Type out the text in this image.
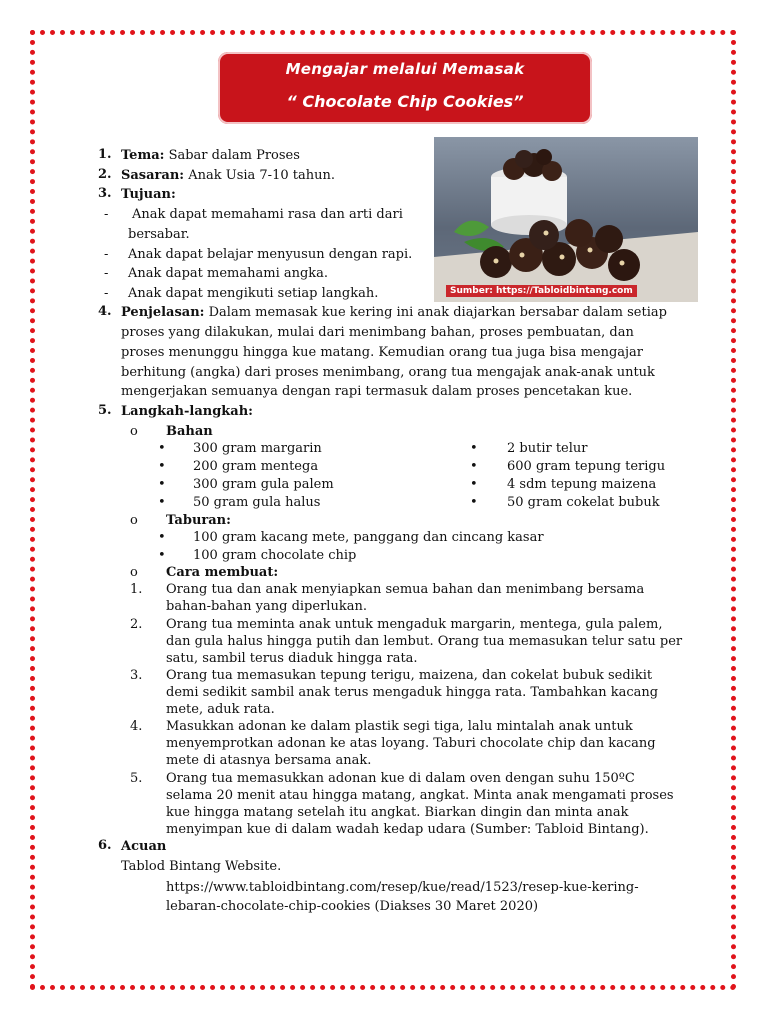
Mengajar melalui Memasak
“ Chocolate Chip Cookies”
Sumber: https://Tabloidbintang.com
1. Tema: Sabar dalam Proses
2. Sasaran: Anak Usia 7-10 tahun.
3. Tujuan:
- Anak dapat memahami rasa dan arti dari
bersabar.
- Anak dapat belajar menyusun dengan rapi.
- Anak dapat memahami angka.
- Anak dapat mengikuti setiap langkah.
4. Penjelasan: Dalam memasak kue kering ini anak diajarkan bersabar dalam setiap
proses yang dilakukan, mulai dari menimbang bahan, proses pembuatan, dan
proses menunggu hingga kue matang. Kemudian orang tua juga bisa mengajar
berhitung (angka) dari proses menimbang, orang tua mengajak anak-anak untuk
mengerjakan semuanya dengan rapi termasuk dalam proses pencetakan kue.
5. Langkah-langkah:
o Bahan
• 300 gram margarin
• 200 gram mentega
• 300 gram gula palem
• 50 gram gula halus
• 2 butir telur
• 600 gram tepung terigu
• 4 sdm tepung maizena
• 50 gram cokelat bubuk
o Taburan:
• 100 gram kacang mete, panggang dan cincang kasar
• 100 gram chocolate chip
o Cara membuat:
1. Orang tua dan anak menyiapkan semua bahan dan menimbang bersama
bahan-bahan yang diperlukan.
2. Orang tua meminta anak untuk mengaduk margarin, mentega, gula palem,
dan gula halus hingga putih dan lembut. Orang tua memasukan telur satu per
satu, sambil terus diaduk hingga rata.
3. Orang tua memasukan tepung terigu, maizena, dan cokelat bubuk sedikit
demi sedikit sambil anak terus mengaduk hingga rata. Tambahkan kacang
mete, aduk rata.
4. Masukkan adonan ke dalam plastik segi tiga, lalu mintalah anak untuk
menyemprotkan adonan ke atas loyang. Taburi chocolate chip dan kacang
mete di atasnya bersama anak.
5. Orang tua memasukkan adonan kue di dalam oven dengan suhu 150ºC
selama 20 menit atau hingga matang, angkat. Minta anak mengamati proses
kue hingga matang setelah itu angkat. Biarkan dingin dan minta anak
menyimpan kue di dalam wadah kedap udara (Sumber: Tabloid Bintang).
6. Acuan
Tablod Bintang Website.
https://www.tabloidbintang.com/resep/kue/read/1523/resep-kue-kering-
lebaran-chocolate-chip-cookies (Diakses 30 Maret 2020)
